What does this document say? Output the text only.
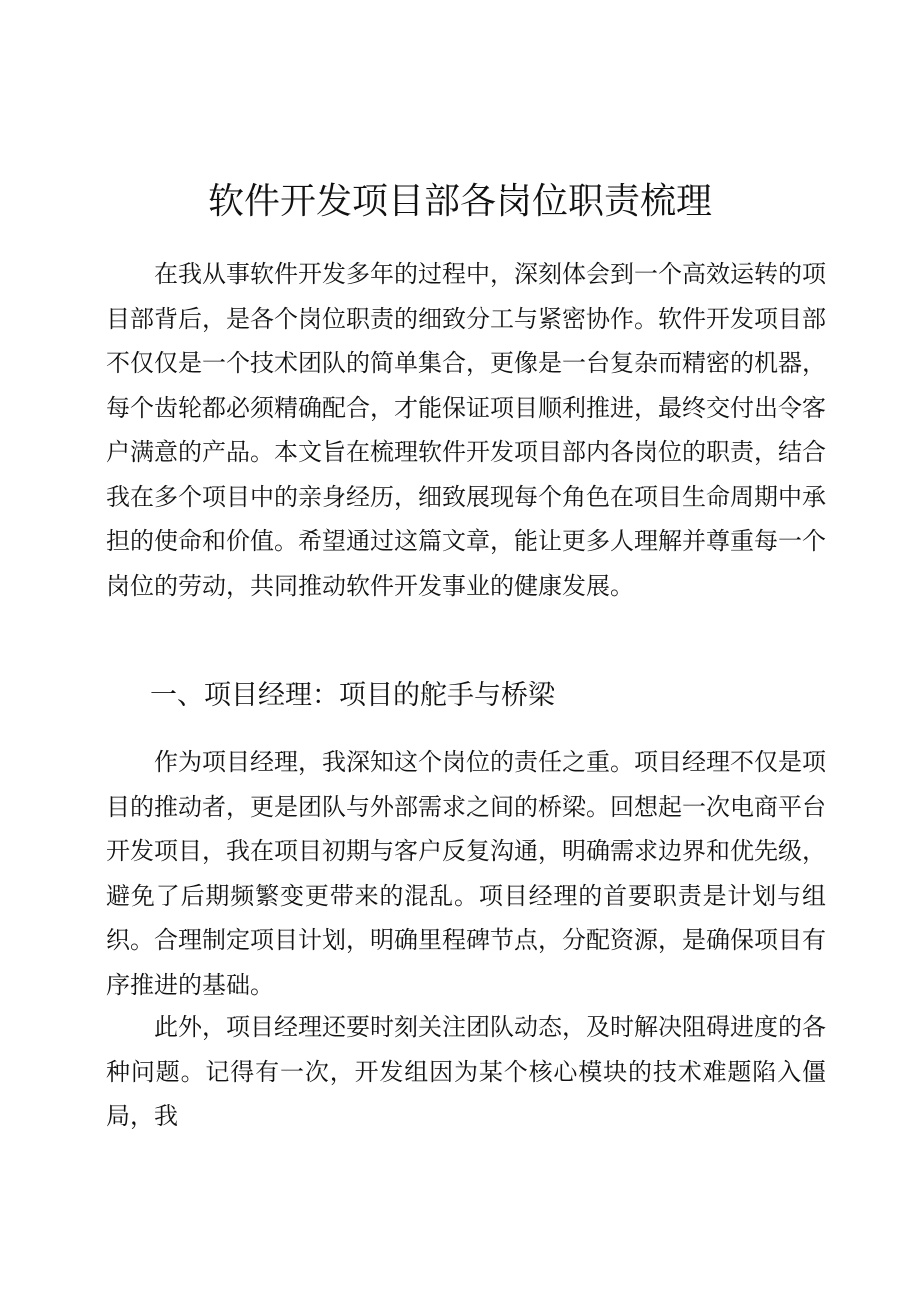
软件开发项目部各岗位职责梳理

在我从事软件开发多年的过程中，深刻体会到一个高效运转的项目部背后，是各个岗位职责的细致分工与紧密协作。软件开发项目部不仅仅是一个技术团队的简单集合，更像是一台复杂而精密的机器，每个齿轮都必须精确配合，才能保证项目顺利推进，最终交付出令客户满意的产品。本文旨在梳理软件开发项目部内各岗位的职责，结合我在多个项目中的亲身经历，细致展现每个角色在项目生命周期中承担的使命和价值。希望通过这篇文章，能让更多人理解并尊重每一个岗位的劳动，共同推动软件开发事业的健康发展。

一、项目经理：项目的舵手与桥梁

作为项目经理，我深知这个岗位的责任之重。项目经理不仅是项目的推动者，更是团队与外部需求之间的桥梁。回想起一次电商平台开发项目，我在项目初期与客户反复沟通，明确需求边界和优先级，避免了后期频繁变更带来的混乱。项目经理的首要职责是计划与组织。合理制定项目计划，明确里程碑节点，分配资源，是确保项目有序推进的基础。

此外，项目经理还要时刻关注团队动态，及时解决阻碍进度的各种问题。记得有一次，开发组因为某个核心模块的技术难题陷入僵局，我
